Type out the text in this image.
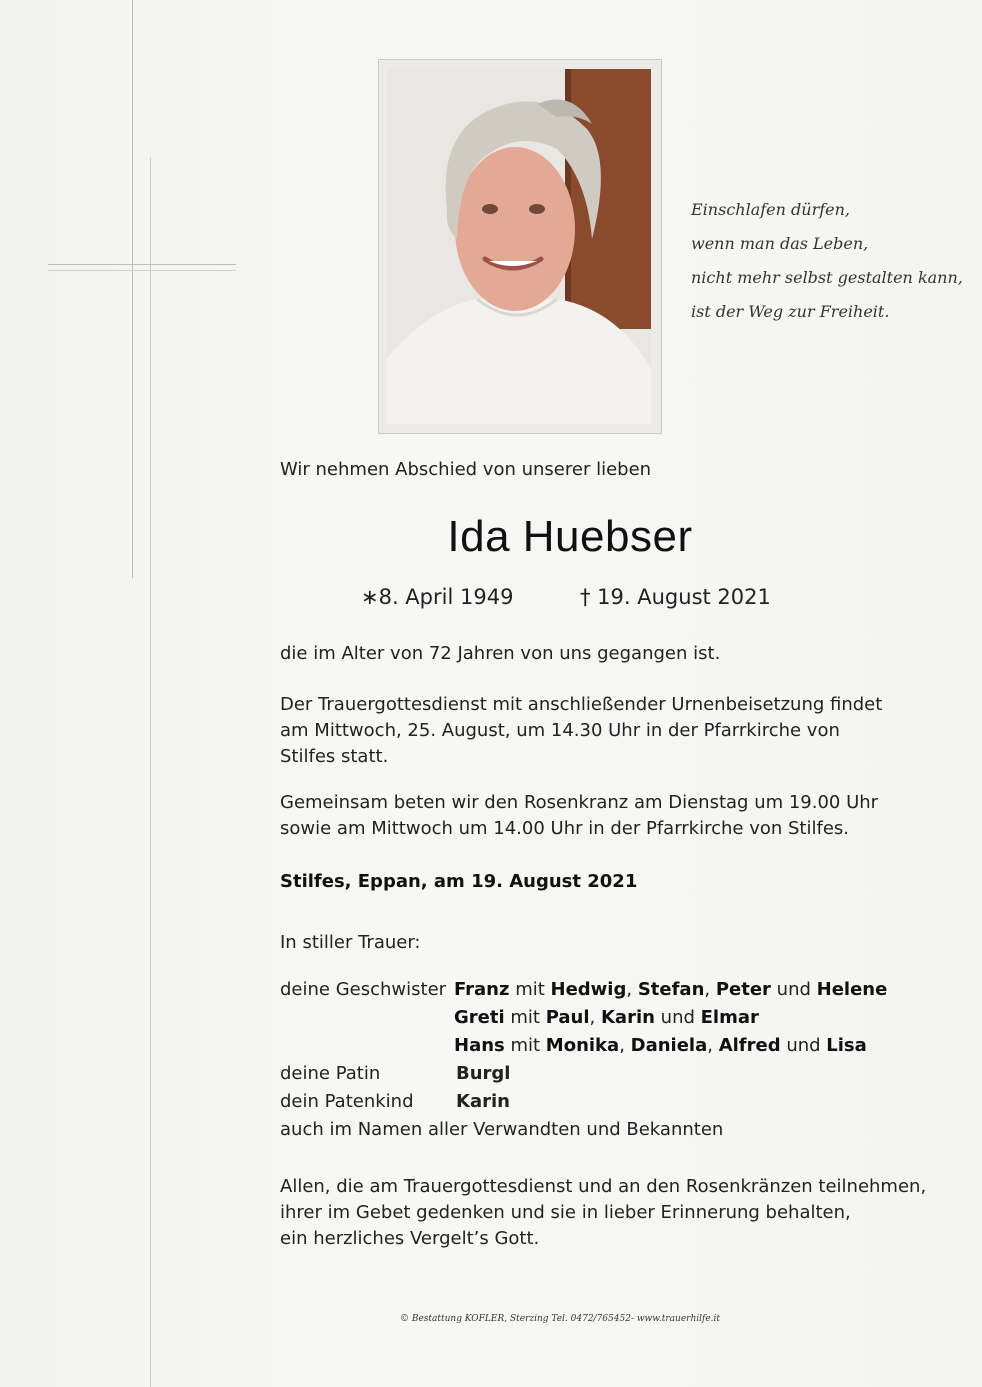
Einschlafen dürfen,
wenn man das Leben,
nicht mehr selbst gestalten kann,
ist der Weg zur Freiheit.
Wir nehmen Abschied von unserer lieben
Ida Huebser
∗8. April 1949	† 19. August 2021
die im Alter von 72 Jahren von uns gegangen ist.
Der Trauergottesdienst mit anschließender Urnenbeisetzung findet
am Mittwoch, 25. August, um 14.30 Uhr in der Pfarrkirche von
Stilfes statt.
Gemeinsam beten wir den Rosenkranz am Dienstag um 19.00 Uhr
sowie am Mittwoch um 14.00 Uhr in der Pfarrkirche von Stilfes.
Stilfes, Eppan, am 19. August 2021
In stiller Trauer:
deine Geschwister Franz mit Hedwig, Stefan, Peter und Helene
Greti mit Paul, Karin und Elmar
Hans mit Monika, Daniela, Alfred und Lisa
deine Patin	Burgl
dein Patenkind Karin
auch im Namen aller Verwandten und Bekannten
Allen, die am Trauergottesdienst und an den Rosenkränzen teilnehmen,
ihrer im Gebet gedenken und sie in lieber Erinnerung behalten,
ein herzliches Vergelt’s Gott.
© Bestattung KOFLER, Sterzing Tel. 0472/765452- www.trauerhilfe.it
